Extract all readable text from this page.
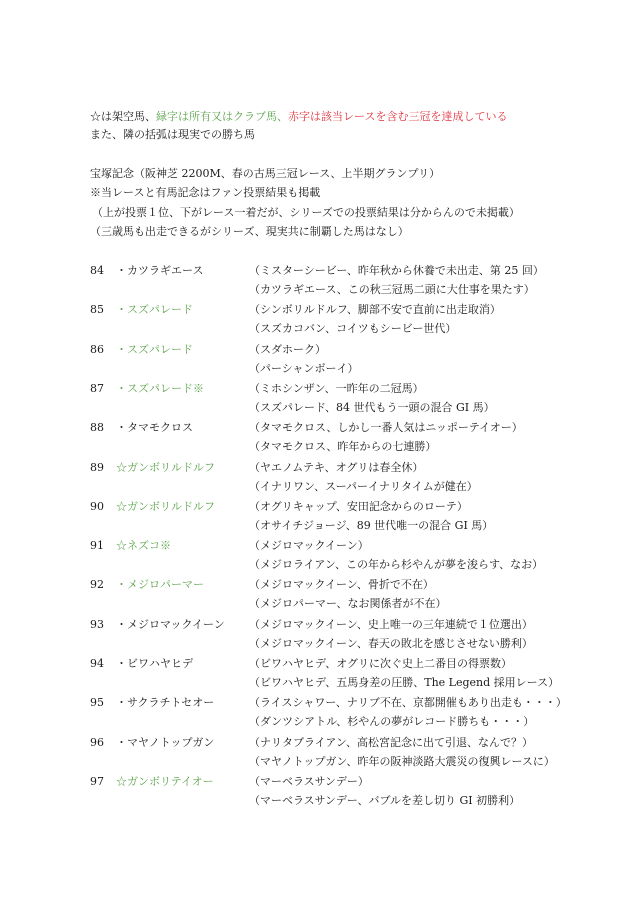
☆は架空馬、緑字は所有又はクラブ馬、赤字は該当レースを含む三冠を達成している
また、隣の括弧は現実での勝ち馬
宝塚記念（阪神芝 2200M、春の古馬三冠レース、上半期グランプリ）
※当レースと有馬記念はファン投票結果も掲載
（上が投票１位、下がレース一着だが、シリーズでの投票結果は分からんので未掲載）
（三歳馬も出走できるがシリーズ、現実共に制覇した馬はなし）
84 ・カツラギエース	（ミスターシービー、昨年秋から休養で未出走、第 25 回）
（カツラギエース、この秋三冠馬二頭に大仕事を果たす）
85 ・スズパレード	（シンボリルドルフ、脚部不安で直前に出走取消）
（スズカコバン、コイツもシービー世代）
86 ・スズパレード	（スダホーク）
（パーシャンボーイ）
87 ・スズパレード※	（ミホシンザン、一昨年の二冠馬）
（スズパレード、84 世代もう一頭の混合 GI 馬）
88 ・タマモクロス	（タマモクロス、しかし一番人気はニッポーテイオー）
（タマモクロス、昨年からの七連勝）
89 ☆ガンボリルドルフ	（ヤエノムテキ、オグリは春全休）
（イナリワン、スーパーイナリタイムが健在）
90 ☆ガンボリルドルフ	（オグリキャップ、安田記念からのローテ）
（オサイチジョージ、89 世代唯一の混合 GI 馬）
91 ☆ネズコ※	（メジロマックイーン）
（メジロライアン、この年から杉やんが夢を浚らす、なお）
92 ・メジロパーマー	（メジロマックイーン、骨折で不在）
（メジロパーマー、なお関係者が不在）
93 ・メジロマックイーン （メジロマックイーン、史上唯一の三年連続で１位選出）
（メジロマックイーン、春天の敗北を感じさせない勝利）
94 ・ビワハヤヒデ	（ビワハヤヒデ、オグリに次ぐ史上二番目の得票数）
（ビワハヤヒデ、五馬身差の圧勝、The Legend 採用レース）
95 ・サクラチトセオー	（ライスシャワー、ナリブ不在、京都開催もあり出走も・・・）
（ダンツシアトル、杉やんの夢がレコード勝ちも・・・）
96 ・マヤノトップガン	（ナリタブライアン、高松宮記念に出て引退、なんで？）
（マヤノトップガン、昨年の阪神淡路大震災の復興レースに）
97 ☆ガンボリテイオー	（マーベラスサンデー）
（マーベラスサンデー、バブルを差し切り GI 初勝利）
